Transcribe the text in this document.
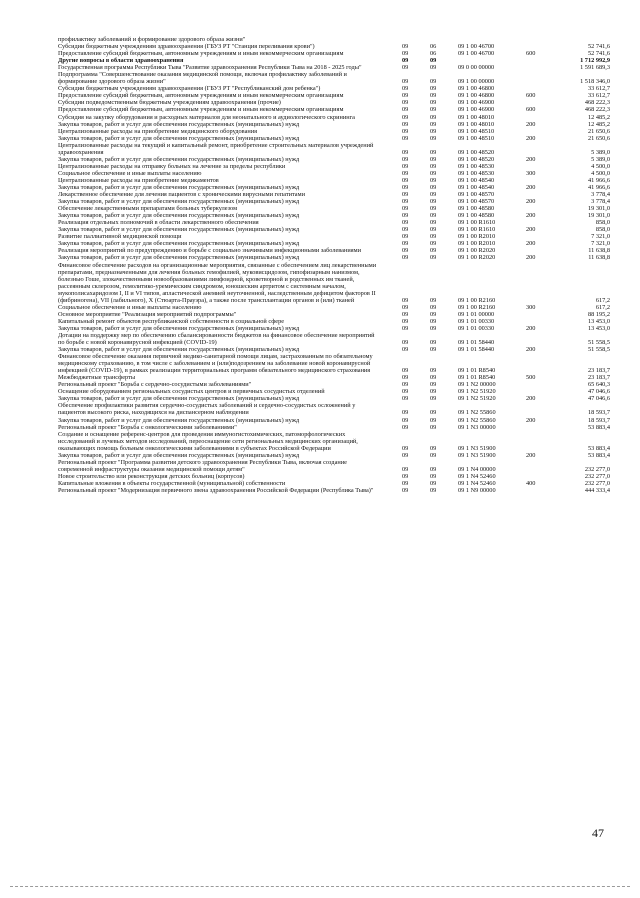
профилактику заболеваний и формирование здорового образа жизни"
Субсидии бюджетным учреждениям здравоохранения (ГБУЗ РТ "Станция переливания крови")	09	06	09 1 00 46700	52 741,6
Предоставление субсидий бюджетным, автономным учреждениям и иным некоммерческим организациям	09	06	09 1 00 46700	600	52 741,6
Другие вопросы в области здравоохранения	09	09	1 712 992,9
Государственная программа Республики Тыва "Развитие здравоохранения Республики Тыва на 2018 - 2025 годы"	09	09	09 0 00 00000	1 591 689,3
Подпрограмма "Совершенствование оказания медицинской помощи, включая профилактику заболеваний и формирование здорового образа жизни"	09	09	09 1 00 00000	1 518 346,0
Субсидии бюджетным учреждениям здравоохранения (ГБУЗ РТ "Республиканский дом ребенка")	09	09	09 1 00 46800	33 612,7
Предоставление субсидий бюджетным, автономным учреждениям и иным некоммерческим организациям	09	09	09 1 00 46800	600	33 612,7
Субсидии подведомственным бюджетным учреждениям здравоохранения (прочие)	09	09	09 1 00 46900	468 222,3
Предоставление субсидий бюджетным, автономным учреждениям и иным некоммерческим организациям	09	09	09 1 00 46900	600	468 222,3
Субсидия на закупку оборудования и расходных материалов для неонатального и аудиологического скрининга	09	09	09 1 00 48010	12 485,2
Закупка товаров, работ и услуг для обеспечения государственных (муниципальных) нужд	09	09	09 1 00 48010	200	12 485,2
Централизованные расходы на приобретение медицинского оборудования	09	09	09 1 00 48510	21 650,6
Закупка товаров, работ и услуг для обеспечения государственных (муниципальных) нужд	09	09	09 1 00 48510	200	21 650,6
Централизованные расходы на текущий и капитальный ремонт, приобретение строительных материалов учреждений здравоохранения	09	09	09 1 00 48520	5 389,0
Закупка товаров, работ и услуг для обеспечения государственных (муниципальных) нужд	09	09	09 1 00 48520	200	5 389,0
Централизованные расходы на отправку больных на лечение за пределы республики	09	09	09 1 00 48530	4 500,0
Социальное обеспечение и иные выплаты населению	09	09	09 1 00 48530	300	4 500,0
Централизованные расходы на приобретение медикаментов	09	09	09 1 00 48540	41 966,6
Закупка товаров, работ и услуг для обеспечения государственных (муниципальных) нужд	09	09	09 1 00 48540	200	41 966,6
Лекарственное обеспечение для лечения пациентов с хроническими вирусными гепатитами	09	09	09 1 00 48570	3 778,4
Закупка товаров, работ и услуг для обеспечения государственных (муниципальных) нужд	09	09	09 1 00 48570	200	3 778,4
Обеспечение лекарственными препаратами больных туберкулезом	09	09	09 1 00 48580	19 301,0
Закупка товаров, работ и услуг для обеспечения государственных (муниципальных) нужд	09	09	09 1 00 48580	200	19 301,0
Реализация отдельных полномочий в области лекарственного обеспечения	09	09	09 1 00 R1610	858,0
Закупка товаров, работ и услуг для обеспечения государственных (муниципальных) нужд	09	09	09 1 00 R1610	200	858,0
Развитие паллиативной медицинской помощи	09	09	09 1 00 R2010	7 321,0
Закупка товаров, работ и услуг для обеспечения государственных (муниципальных) нужд	09	09	09 1 00 R2010	200	7 321,0
Реализация мероприятий по предупреждению и борьбе с социально значимыми инфекционными заболеваниями	09	09	09 1 00 R2020	11 638,8
Закупка товаров, работ и услуг для обеспечения государственных (муниципальных) нужд	09	09	09 1 00 R2020	200	11 638,8
Финансовое обеспечение расходов на организационные мероприятия, связанные с обеспечением лиц лекарственными препаратами, предназначенными для лечения больных гемофилией, муковисцидозом, гипофизарным нанизмом, болезнью Гоше, злокачественными новообразованиями лимфоидной, кроветворной и родственных им тканей, рассеянным склерозом, гемолитико-уремическим синдромом, юношеским артритом с системным началом, мукополисахаридозом I, II и VI типов, апластической анемией неуточненной, наследственным дефицитом факторов II (фибриногена), VII (лабильного), X (Стюарта-Прауэра), а также после трансплантации органов и (или) тканей	09	09	09 1 00 R2160	617,2
Социальное обеспечение и иные выплаты населению	09	09	09 1 00 R2160	300	617,2
Основное мероприятие "Реализация мероприятий подпрограммы"	09	09	09 1 01 00000	88 195,2
Капитальный ремонт объектов республиканской собственности в социальной сфере	09	09	09 1 01 00330	13 453,0
Закупка товаров, работ и услуг для обеспечения государственных (муниципальных) нужд	09	09	09 1 01 00330	200	13 453,0
Дотации на поддержку мер по обеспечению сбалансированности бюджетов на финансовое обеспечение мероприятий по борьбе с новой коронавирусной инфекцией (COVID-19)	09	09	09 1 01 58440	51 558,5
Закупка товаров, работ и услуг для обеспечения государственных (муниципальных) нужд	09	09	09 1 01 58440	200	51 558,5
Финансовое обеспечение оказания первичной медико-санитарной помощи лицам, застрахованным по обязательному медицинскому страхованию, в том числе с заболеванием и (или)подозрением на заболевание новой коронавирусной инфекцией (COVID-19), в рамках реализации территориальных программ обязательного медицинского страхования	09	09	09 1 01 R8540	23 183,7
Межбюджетные трансферты	09	09	09 1 01 R8540	500	23 183,7
Региональный проект "Борьба с сердечно-сосудистыми заболеваниями"	09	09	09 1 N2 00000	65 640,3
Оснащение оборудованием региональных сосудистых центров и первичных сосудистых отделений	09	09	09 1 N2 51920	47 046,6
Закупка товаров, работ и услуг для обеспечения государственных (муниципальных) нужд	09	09	09 1 N2 51920	200	47 046,6
Обеспечение профилактики развития сердечно-сосудистых заболеваний и сердечно-сосудистых осложнений у пациентов высокого риска, находящихся на диспансерном наблюдении	09	09	09 1 N2 55860	18 593,7
Закупка товаров, работ и услуг для обеспечения государственных (муниципальных) нужд	09	09	09 1 N2 55860	200	18 593,7
Региональный проект "Борьба с онкологическими заболеваниями"	09	09	09 1 N3 00000	53 883,4
Создание и оснащение референс-центров для проведения иммуногистохимических, патоморфологических исследований и лучевых методов исследований, переоснащение сети региональных медицинских организаций, оказывающих помощь больным онкологическими заболеваниями в субъектах Российской Федерации	09	09	09 1 N3 51900	53 883,4
Закупка товаров, работ и услуг для обеспечения государственных (муниципальных) нужд	09	09	09 1 N3 51900	200	53 883,4
Региональный проект "Программа развития детского здравоохранения Республики Тыва, включая создание современной инфраструктуры оказания медицинской помощи детям"	09	09	09 1 N4 00000	232 277,0
Новое строительство или реконструкция детских больниц (корпусов)	09	09	09 1 N4 52460	232 277,0
Капитальные вложения в объекты государственной (муниципальной) собственности	09	09	09 1 N4 52460	400	232 277,0
Региональный проект "Модернизация первичного звена здравоохранения Российской Федерации (Республика Тыва)"	09	09	09 1 N9 00000	444 333,4
47
